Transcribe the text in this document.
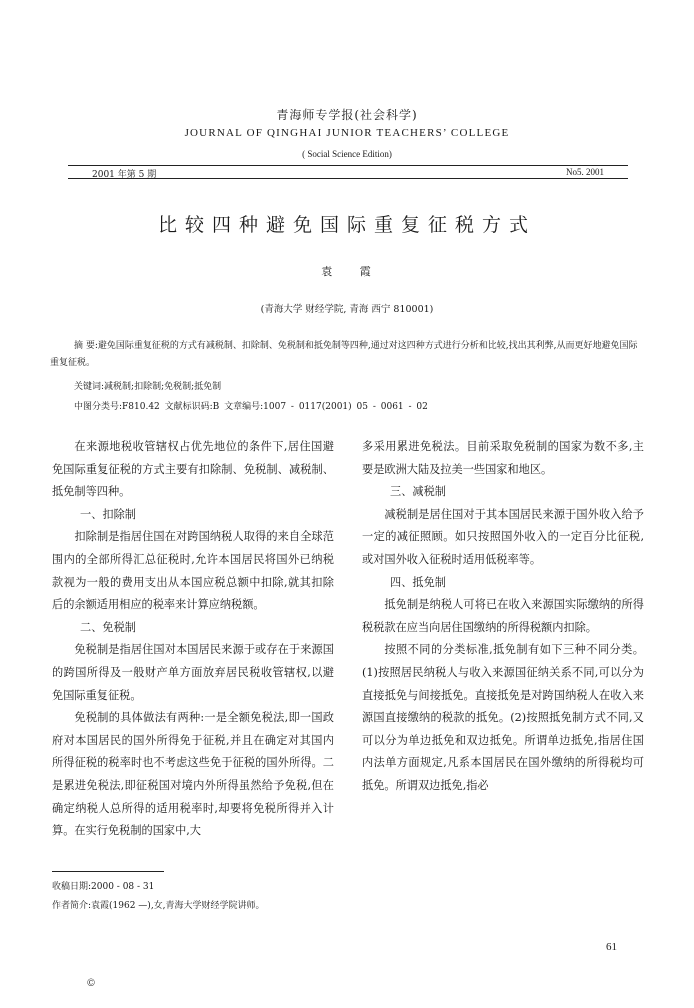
青海师专学报(社会科学)
JOURNAL OF QINGHAI JUNIOR TEACHERS’ COLLEGE
( Social Science Edition)
2001 年第 5 期	No5. 2001
比较四种避免国际重复征税方式
袁 霞
(青海大学 财经学院, 青海 西宁 810001)
摘 要:避免国际重复征税的方式有减税制、扣除制、免税制和抵免制等四种,通过对这四种方式进行分析和比较,找出其利弊,从而更好地避免国际重复征税。
关键词:减税制;扣除制;免税制;抵免制
中图分类号:F810.42 文献标识码:B 文章编号:1007 - 0117(2001) 05 - 0061 - 02

在来源地税收管辖权占优先地位的条件下,居住国避免国际重复征税的方式主要有扣除制、免税制、减税制、抵免制等四种。

一、扣除制

扣除制是指居住国在对跨国纳税人取得的来自全球范围内的全部所得汇总征税时,允许本国居民将国外已纳税款视为一般的费用支出从本国应税总额中扣除,就其扣除后的余额适用相应的税率来计算应纳税额。

二、免税制

免税制是指居住国对本国居民来源于或存在于来源国的跨国所得及一般财产单方面放弃居民税收管辖权,以避免国际重复征税。

免税制的具体做法有两种:一是全额免税法,即一国政府对本国居民的国外所得免于征税,并且在确定对其国内所得征税的税率时也不考虑这些免于征税的国外所得。二是累进免税法,即征税国对境内外所得虽然给予免税,但在确定纳税人总所得的适用税率时,却要将免税所得并入计算。在实行免税制的国家中,大

多采用累进免税法。目前采取免税制的国家为数不多,主要是欧洲大陆及拉美一些国家和地区。

三、减税制

减税制是居住国对于其本国居民来源于国外收入给予一定的减征照顾。如只按照国外收入的一定百分比征税,或对国外收入征税时适用低税率等。

四、抵免制

抵免制是纳税人可将已在收入来源国实际缴纳的所得税税款在应当向居住国缴纳的所得税额内扣除。

按照不同的分类标准,抵免制有如下三种不同分类。(1)按照居民纳税人与收入来源国征纳关系不同,可以分为直接抵免与间接抵免。直接抵免是对跨国纳税人在收入来源国直接缴纳的税款的抵免。(2)按照抵免制方式不同,又可以分为单边抵免和双边抵免。所谓单边抵免,指居住国内法单方面规定,凡系本国居民在国外缴纳的所得税均可抵免。所谓双边抵免,指必

收稿日期:2000 - 08 - 31
作者简介:袁霞(1962 —),女,青海大学财经学院讲师。
61
©
